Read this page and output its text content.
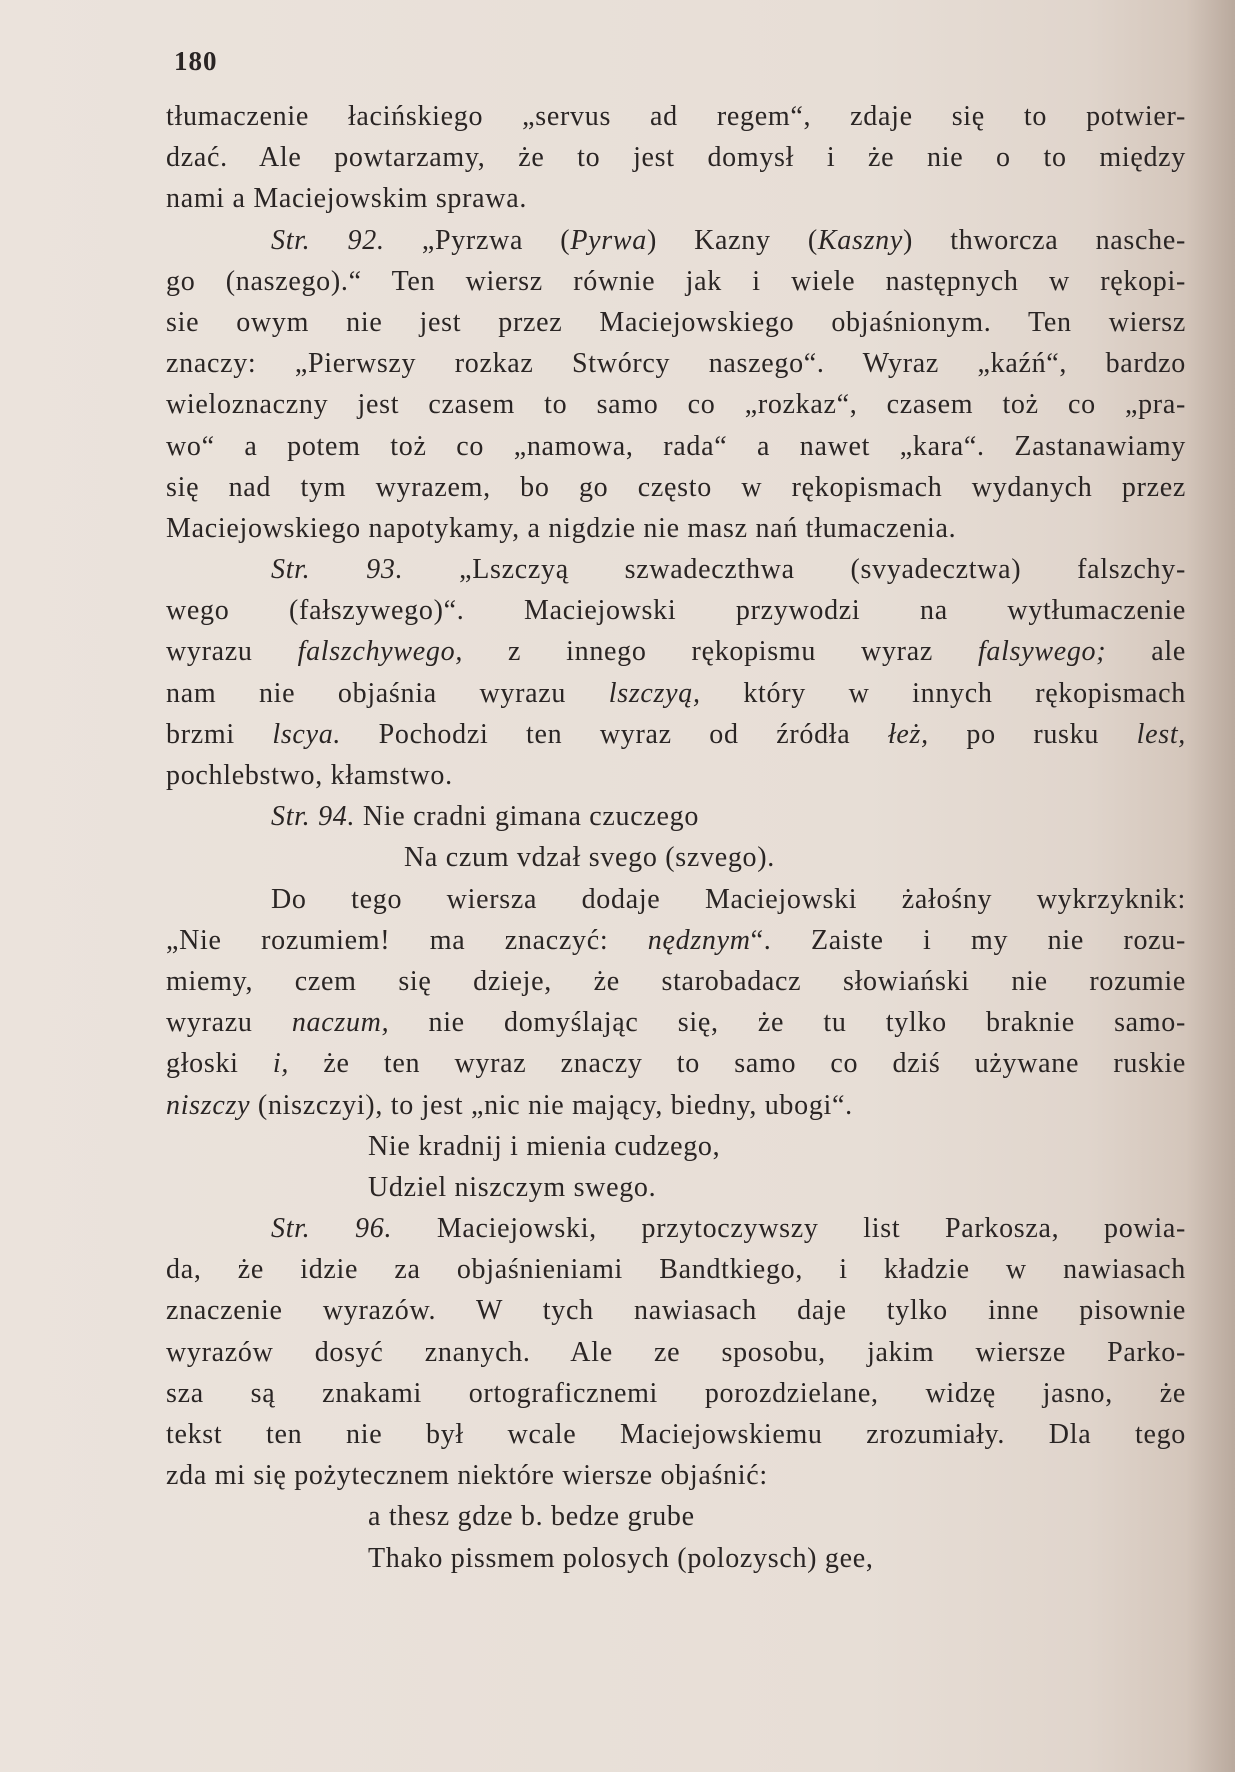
180
tłumaczenie łacińskiego „servus ad regem“, zdaje się to potwier-
dzać. Ale powtarzamy, że to jest domysł i że nie o to między
nami a Maciejowskim sprawa.
Str. 92. „Pyrzwa (Pyrwa) Kazny (Kaszny) thworcza nasche-
go (naszego).“ Ten wiersz równie jak i wiele następnych w rękopi-
sie owym nie jest przez Maciejowskiego objaśnionym. Ten wiersz
znaczy: „Pierwszy rozkaz Stwórcy naszego“. Wyraz „kaźń“, bardzo
wieloznaczny jest czasem to samo co „rozkaz“, czasem toż co „pra-
wo“ a potem toż co „namowa, rada“ a nawet „kara“. Zastanawiamy
się nad tym wyrazem, bo go często w rękopismach wydanych przez
Maciejowskiego napotykamy, a nigdzie nie masz nań tłumaczenia.
Str. 93. „Lszczyą szwadeczthwa (svyadecztwa) falszchy-
wego (fałszywego)“. Maciejowski przywodzi na wytłumaczenie
wyrazu falszchywego, z innego rękopismu wyraz falsywego; ale
nam nie objaśnia wyrazu lszczyą, który w innych rękopismach
brzmi lscya. Pochodzi ten wyraz od źródła łeż, po rusku lest,
pochlebstwo, kłamstwo.
Str. 94. Nie cradni gimana czuczego
Na czum vdzał svego (szvego).
Do tego wiersza dodaje Maciejowski żałośny wykrzyknik:
„Nie rozumiem! ma znaczyć: nędznym“. Zaiste i my nie rozu-
miemy, czem się dzieje, że starobadacz słowiański nie rozumie
wyrazu naczum, nie domyślając się, że tu tylko braknie samo-
głoski i, że ten wyraz znaczy to samo co dziś używane ruskie
niszczy (niszczyi), to jest „nic nie mający, biedny, ubogi“.
Nie kradnij i mienia cudzego,
Udziel niszczym swego.
Str. 96. Maciejowski, przytoczywszy list Parkosza, powia-
da, że idzie za objaśnieniami Bandtkiego, i kładzie w nawiasach
znaczenie wyrazów. W tych nawiasach daje tylko inne pisownie
wyrazów dosyć znanych. Ale ze sposobu, jakim wiersze Parko-
sza są znakami ortograficznemi porozdzielane, widzę jasno, że
tekst ten nie był wcale Maciejowskiemu zrozumiały. Dla tego
zda mi się pożytecznem niektóre wiersze objaśnić:
a thesz gdze b. bedze grube
Thako pissmem polosych (polozysch) gee,
